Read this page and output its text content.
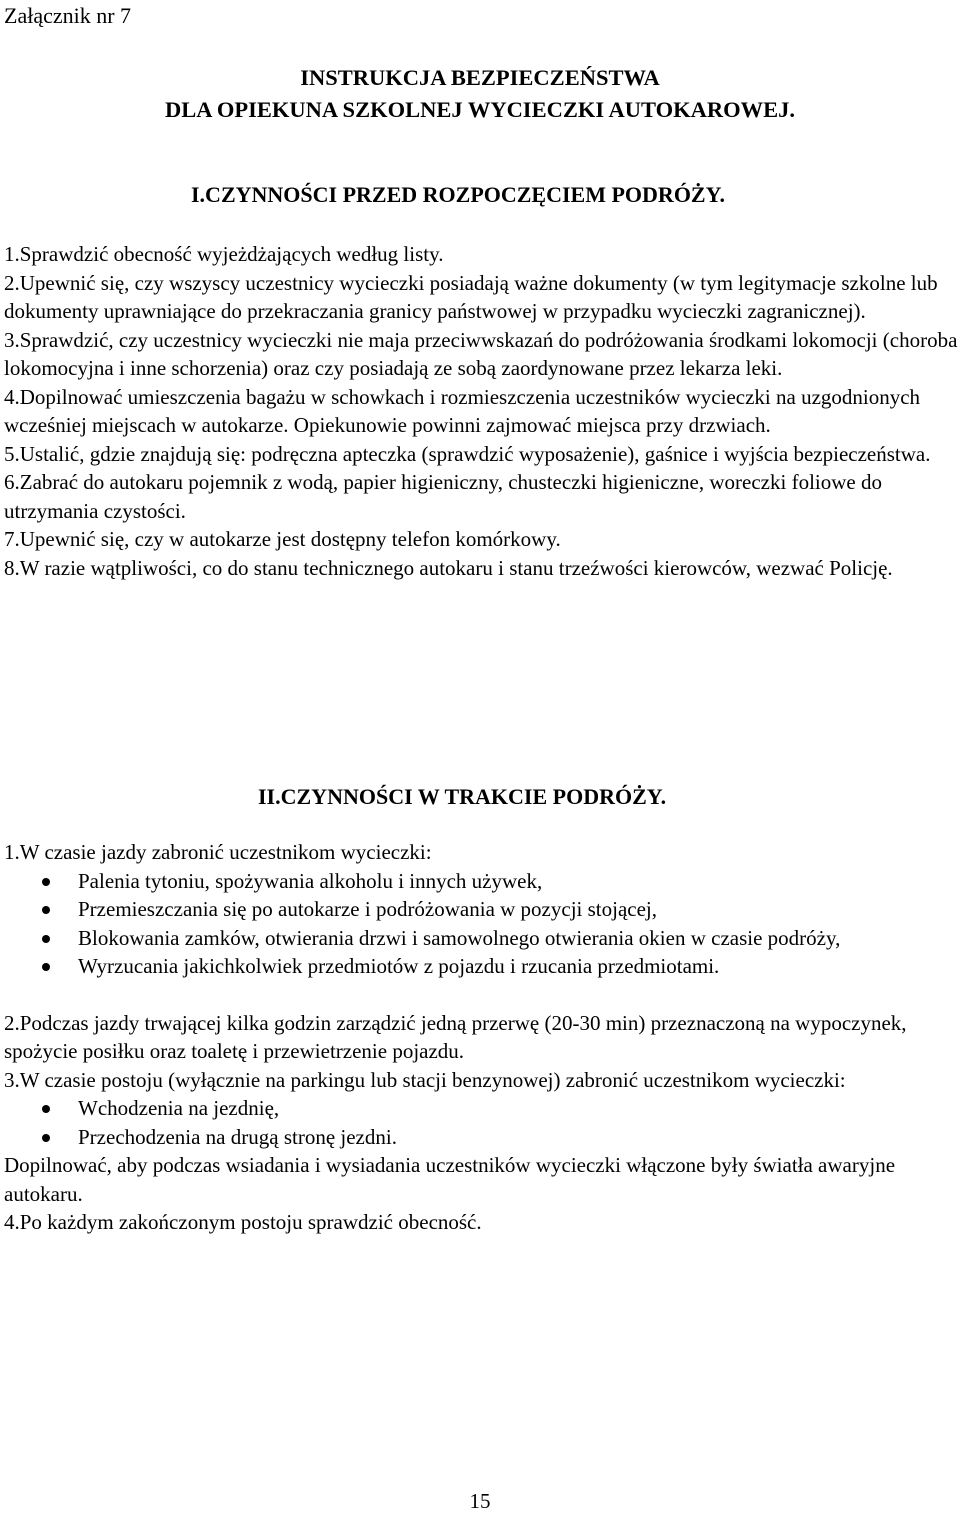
Załącznik nr 7
INSTRUKCJA BEZPIECZEŃSTWA
DLA OPIEKUNA SZKOLNEJ WYCIECZKI AUTOKAROWEJ.
I.CZYNNOŚCI PRZED ROZPOCZĘCIEM PODRÓŻY.

1.Sprawdzić obecność wyjeżdżających według listy.

2.Upewnić się, czy wszyscy uczestnicy wycieczki posiadają ważne dokumenty (w tym legitymacje szkolne lub dokumenty uprawniające do przekraczania granicy państwowej w przypadku wycieczki zagranicznej).

3.Sprawdzić, czy uczestnicy wycieczki nie maja przeciwwskazań do podróżowania środkami lokomocji (choroba lokomocyjna i inne schorzenia) oraz czy posiadają ze sobą zaordynowane przez lekarza leki.

4.Dopilnować umieszczenia bagażu w schowkach i rozmieszczenia uczestników wycieczki na uzgodnionych wcześniej miejscach w autokarze. Opiekunowie powinni zajmować miejsca przy drzwiach.

5.Ustalić, gdzie znajdują się: podręczna apteczka (sprawdzić wyposażenie), gaśnice i wyjścia bezpieczeństwa.

6.Zabrać do autokaru pojemnik z wodą, papier higieniczny, chusteczki higieniczne, woreczki foliowe do utrzymania czystości.

7.Upewnić się, czy w autokarze jest dostępny telefon komórkowy.

8.W razie wątpliwości, co do stanu technicznego autokaru i stanu trzeźwości kierowców, wezwać Policję.

II.CZYNNOŚCI W TRAKCIE PODRÓŻY.

1.W czasie jazdy zabronić uczestnikom wycieczki:

Palenia tytoniu, spożywania alkoholu i innych używek,
Przemieszczania się po autokarze i podróżowania w pozycji stojącej,
Blokowania zamków, otwierania drzwi i samowolnego otwierania okien w czasie podróży,
Wyrzucania jakichkolwiek przedmiotów z pojazdu i rzucania przedmiotami.

2.Podczas jazdy trwającej kilka godzin zarządzić jedną przerwę (20-30 min) przeznaczoną na wypoczynek, spożycie posiłku oraz toaletę i przewietrzenie pojazdu.

3.W czasie postoju (wyłącznie na parkingu lub stacji benzynowej) zabronić uczestnikom wycieczki:

Wchodzenia na jezdnię,
Przechodzenia na drugą stronę jezdni.

Dopilnować, aby podczas wsiadania i wysiadania uczestników wycieczki włączone były światła awaryjne autokaru.

4.Po każdym zakończonym postoju sprawdzić obecność.

15
